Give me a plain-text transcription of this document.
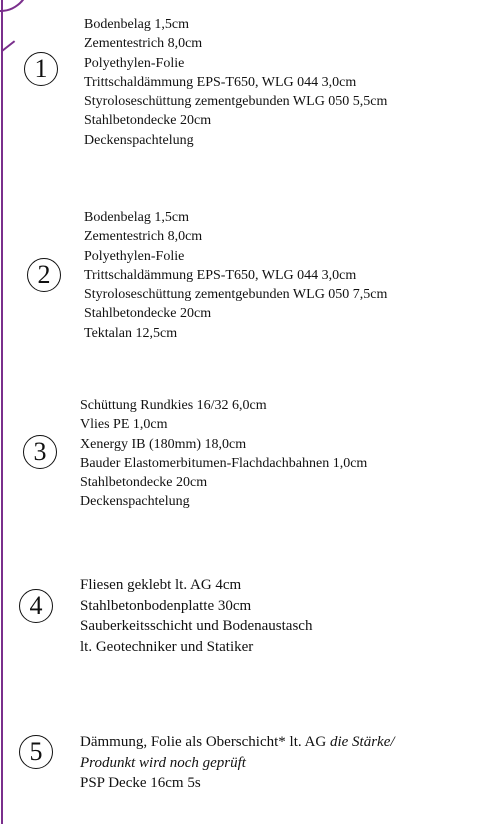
1
Bodenbelag 1,5cm
Zementestrich 8,0cm
Polyethylen-Folie
Trittschaldämmung EPS-T650, WLG 044 3,0cm
Styroloseschüttung zementgebunden WLG 050 5,5cm
Stahlbetondecke 20cm
Deckenspachtelung
2
Bodenbelag 1,5cm
Zementestrich 8,0cm
Polyethylen-Folie
Trittschaldämmung EPS-T650, WLG 044 3,0cm
Styroloseschüttung zementgebunden WLG 050 7,5cm
Stahlbetondecke 20cm
Tektalan 12,5cm
3
Schüttung Rundkies 16/32 6,0cm
Vlies PE 1,0cm
Xenergy IB (180mm) 18,0cm
Bauder Elastomerbitumen-Flachdachbahnen 1,0cm
Stahlbetondecke 20cm
Deckenspachtelung
4
Fliesen geklebt lt. AG 4cm
Stahlbetonbodenplatte 30cm
Sauberkeitsschicht und Bodenaustasch
lt. Geotechniker und Statiker
5	Dämmung, Folie als Oberschicht* lt. AG die Stärke/
Produnkt wird noch geprüft
PSP Decke 16cm 5s
